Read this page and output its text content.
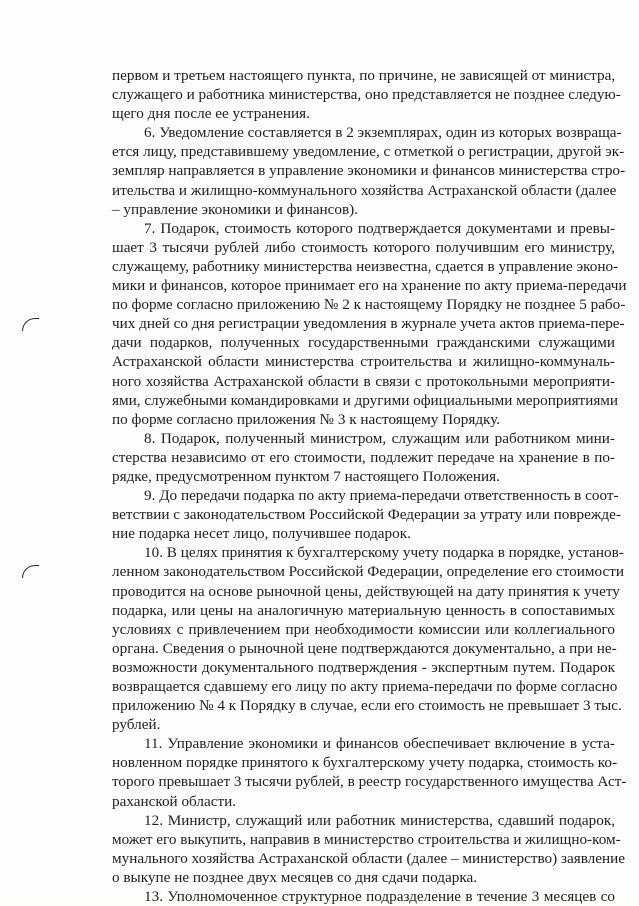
первом и третьем настоящего пункта, по причине, не зависящей от министра,
служащего и работника министерства, оно представляется не позднее следую-
щего дня после ее устранения.
6. Уведомление составляется в 2 экземплярах, один из которых возвраща-
ется лицу, представившему уведомление, с отметкой о регистрации, другой эк-
земпляр направляется в управление экономики и финансов министерства стро-
ительства и жилищно-коммунального хозяйства Астраханской области (далее
– управление экономики и финансов).
7. Подарок, стоимость которого подтверждается документами и превы-
шает 3 тысячи рублей либо стоимость которого получившим его министру,
служащему, работнику министерства неизвестна, сдается в управление эконо-
мики и финансов, которое принимает его на хранение по акту приема-передачи
по форме согласно приложению № 2 к настоящему Порядку не позднее 5 рабо-
чих дней со дня регистрации уведомления в журнале учета актов приема-пере-
дачи подарков, полученных государственными гражданскими служащими
Астраханской области министерства строительства и жилищно-коммуналь-
ного хозяйства Астраханской области в связи с протокольными мероприяти-
ями, служебными командировками и другими официальными мероприятиями
по форме согласно приложения № 3 к настоящему Порядку.
8. Подарок, полученный министром, служащим или работником мини-
стерства независимо от его стоимости, подлежит передаче на хранение в по-
рядке, предусмотренном пунктом 7 настоящего Положения.
9. До передачи подарка по акту приема-передачи ответственность в соот-
ветствии с законодательством Российской Федерации за утрату или поврежде-
ние подарка несет лицо, получившее подарок.
10. В целях принятия к бухгалтерскому учету подарка в порядке, установ-
ленном законодательством Российской Федерации, определение его стоимости
проводится на основе рыночной цены, действующей на дату принятия к учету
подарка, или цены на аналогичную материальную ценность в сопоставимых
условиях с привлечением при необходимости комиссии или коллегиального
органа. Сведения о рыночной цене подтверждаются документально, а при не-
возможности документального подтверждения - экспертным путем. Подарок
возвращается сдавшему его лицу по акту приема-передачи по форме согласно
приложению № 4 к Порядку в случае, если его стоимость не превышает 3 тыс.
рублей.
11. Управление экономики и финансов обеспечивает включение в уста-
новленном порядке принятого к бухгалтерскому учету подарка, стоимость ко-
торого превышает 3 тысячи рублей, в реестр государственного имущества Аст-
раханской области.
12. Министр, служащий или работник министерства, сдавший подарок,
может его выкупить, направив в министерство строительства и жилищно-ком-
мунального хозяйства Астраханской области (далее – министерство) заявление
о выкупе не позднее двух месяцев со дня сдачи подарка.
13. Уполномоченное структурное подразделение в течение 3 месяцев со
